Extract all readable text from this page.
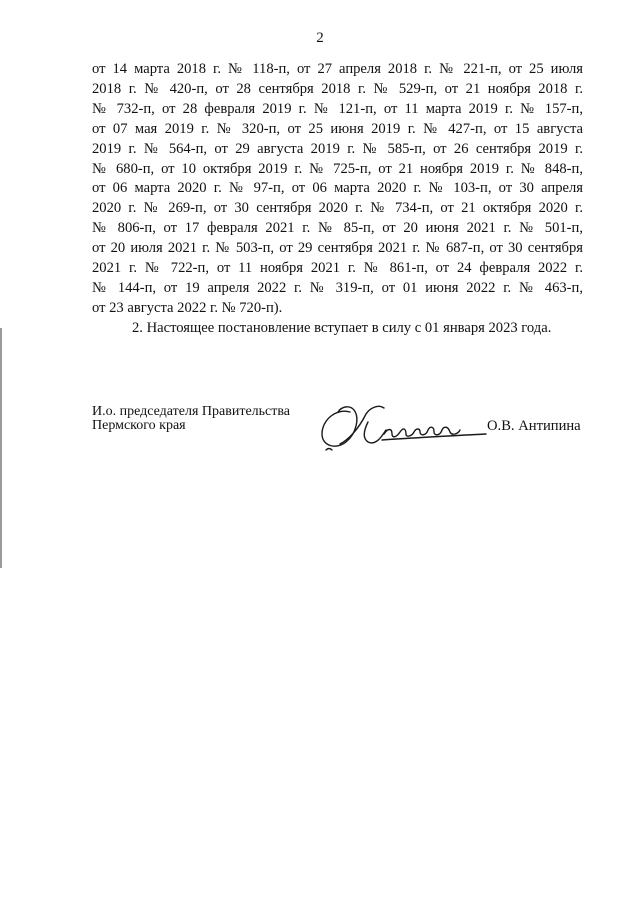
2

от 14 марта 2018 г. № 118-п, от 27 апреля 2018 г. № 221-п, от 25 июля

2018 г. № 420-п, от 28 сентября 2018 г. № 529-п, от 21 ноября 2018 г.

№ 732-п, от 28 февраля 2019 г. № 121-п, от 11 марта 2019 г. № 157-п,

от 07 мая 2019 г. № 320-п, от 25 июня 2019 г. № 427-п, от 15 августа

2019 г. № 564-п, от 29 августа 2019 г. № 585-п, от 26 сентября 2019 г.

№ 680-п, от 10 октября 2019 г. № 725-п, от 21 ноября 2019 г. № 848-п,

от 06 марта 2020 г. № 97-п, от 06 марта 2020 г. № 103-п, от 30 апреля

2020 г. № 269-п, от 30 сентября 2020 г. № 734-п, от 21 октября 2020 г.

№ 806-п, от 17 февраля 2021 г. № 85-п, от 20 июня 2021 г. № 501-п,

от 20 июля 2021 г. № 503-п, от 29 сентября 2021 г. № 687-п, от 30 сентября

2021 г. № 722-п, от 11 ноября 2021 г. № 861-п, от 24 февраля 2022 г.

№ 144-п, от 19 апреля 2022 г. № 319-п, от 01 июня 2022 г. № 463-п,

от 23 августа 2022 г. № 720-п).

2. Настоящее постановление вступает в силу с 01 января 2023 года.

И.о. председателя Правительства
Пермского края	О.В. Антипина
